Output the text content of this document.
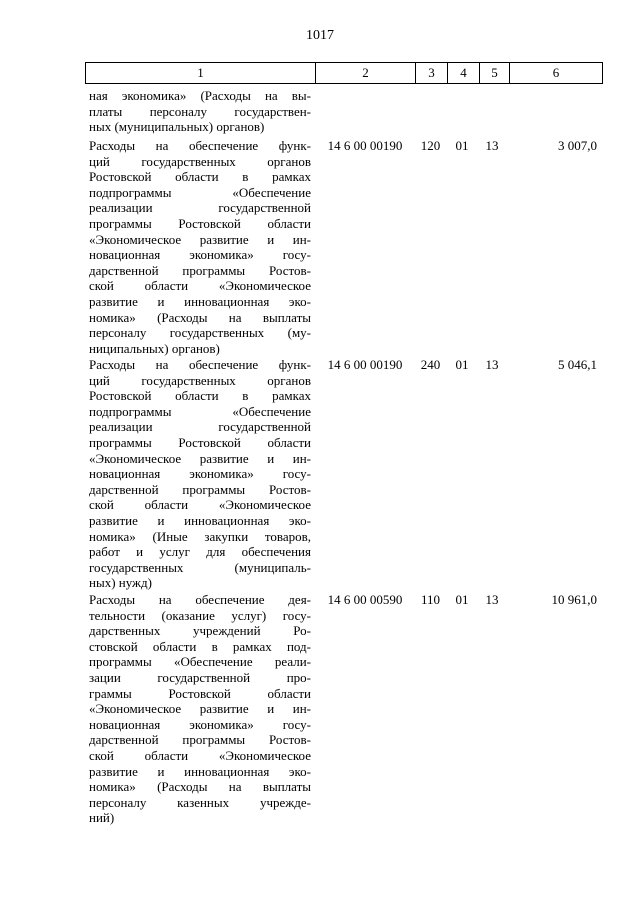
1017
1	2	3	4	5	6
ная экономика» (Расходы на вы-
платы персоналу государствен-
ных (муниципальных) органов)
Расходы на обеспечение функ-
ций государственных органов
Ростовской области в рамках
подпрограммы «Обеспечение
реализации государственной
программы Ростовской области
«Экономическое развитие и ин-
новационная экономика» госу-
дарственной программы Ростов-
ской области «Экономическое
развитие и инновационная эко-
номика» (Расходы на выплаты
персоналу государственных (му-
ниципальных) органов)
14 6 00 00190	120	01	13	3 007,0
Расходы на обеспечение функ-
ций государственных органов
Ростовской области в рамках
подпрограммы «Обеспечение
реализации государственной
программы Ростовской области
«Экономическое развитие и ин-
новационная экономика» госу-
дарственной программы Ростов-
ской области «Экономическое
развитие и инновационная эко-
номика» (Иные закупки товаров,
работ и услуг для обеспечения
государственных (муниципаль-
ных) нужд)
14 6 00 00190	240	01	13	5 046,1
Расходы на обеспечение дея-
тельности (оказание услуг) госу-
дарственных учреждений Ро-
стовской области в рамках под-
программы «Обеспечение реали-
зации государственной про-
граммы Ростовской области
«Экономическое развитие и ин-
новационная экономика» госу-
дарственной программы Ростов-
ской области «Экономическое
развитие и инновационная эко-
номика» (Расходы на выплаты
персоналу казенных учрежде-
ний)
14 6 00 00590	110	01	13	10 961,0
